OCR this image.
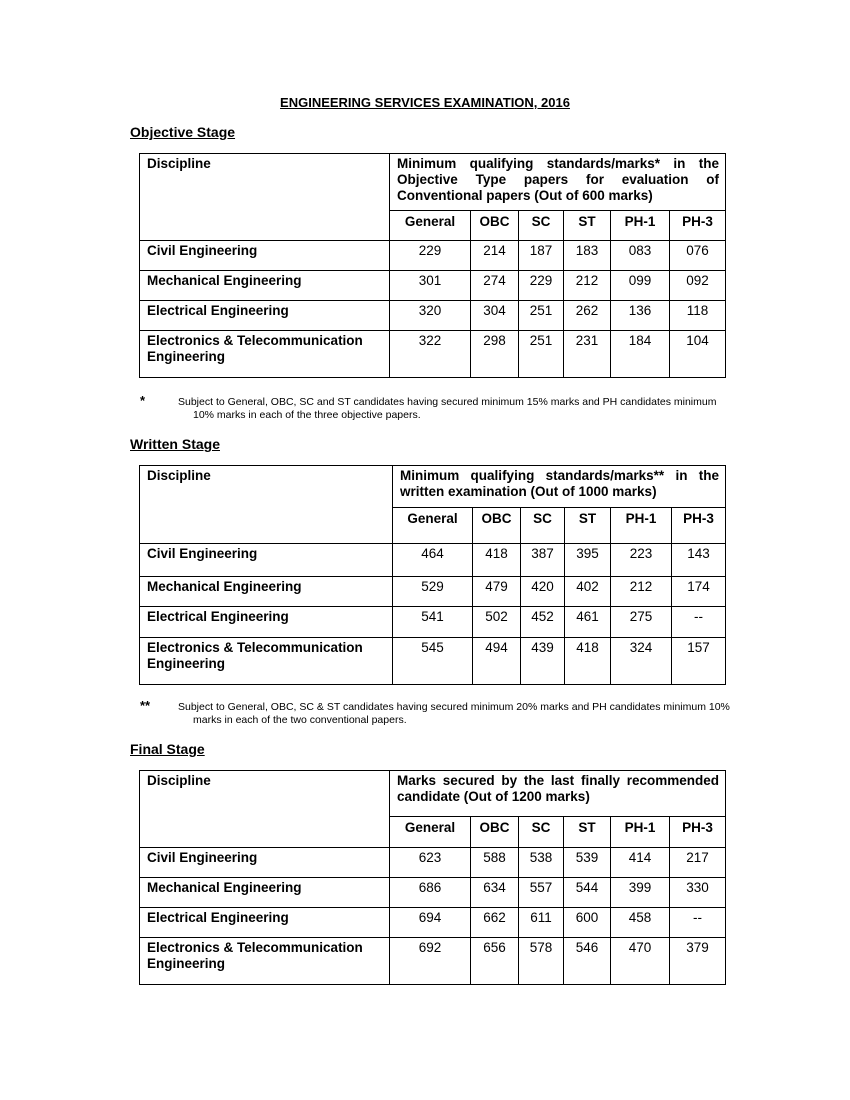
ENGINEERING SERVICES EXAMINATION, 2016
Objective Stage
Discipline	Minimum qualifying standards/marks* in the Objective Type papers for evaluation of Conventional papers (Out of 600 marks)					
	General	OBC	SC	ST	PH-1	PH-3
Civil Engineering	229	214	187	183	083	076
Mechanical Engineering	301	274	229	212	099	092
Electrical Engineering	320	304	251	262	136	118
Electronics & Telecommunication Engineering	322	298	251	231	184	104
*	Subject to General, OBC, SC and ST candidates having secured minimum 15% marks and PH candidates minimum 10% marks in each of the three objective papers.
Written Stage
Discipline	Minimum qualifying standards/marks** in the written examination (Out of 1000 marks)					
	General	OBC	SC	ST	PH-1	PH-3
Civil Engineering	464	418	387	395	223	143
Mechanical Engineering	529	479	420	402	212	174
Electrical Engineering	541	502	452	461	275	--
Electronics & Telecommunication Engineering	545	494	439	418	324	157
**	Subject to General, OBC, SC & ST candidates having secured minimum 20% marks and PH candidates minimum 10% marks in each of the two conventional papers.
Final Stage
Discipline	Marks secured by the last finally recommended candidate (Out of 1200 marks)					
	General	OBC	SC	ST	PH-1	PH-3
Civil Engineering	623	588	538	539	414	217
Mechanical Engineering	686	634	557	544	399	330
Electrical Engineering	694	662	611	600	458	--
Electronics & Telecommunication Engineering	692	656	578	546	470	379
